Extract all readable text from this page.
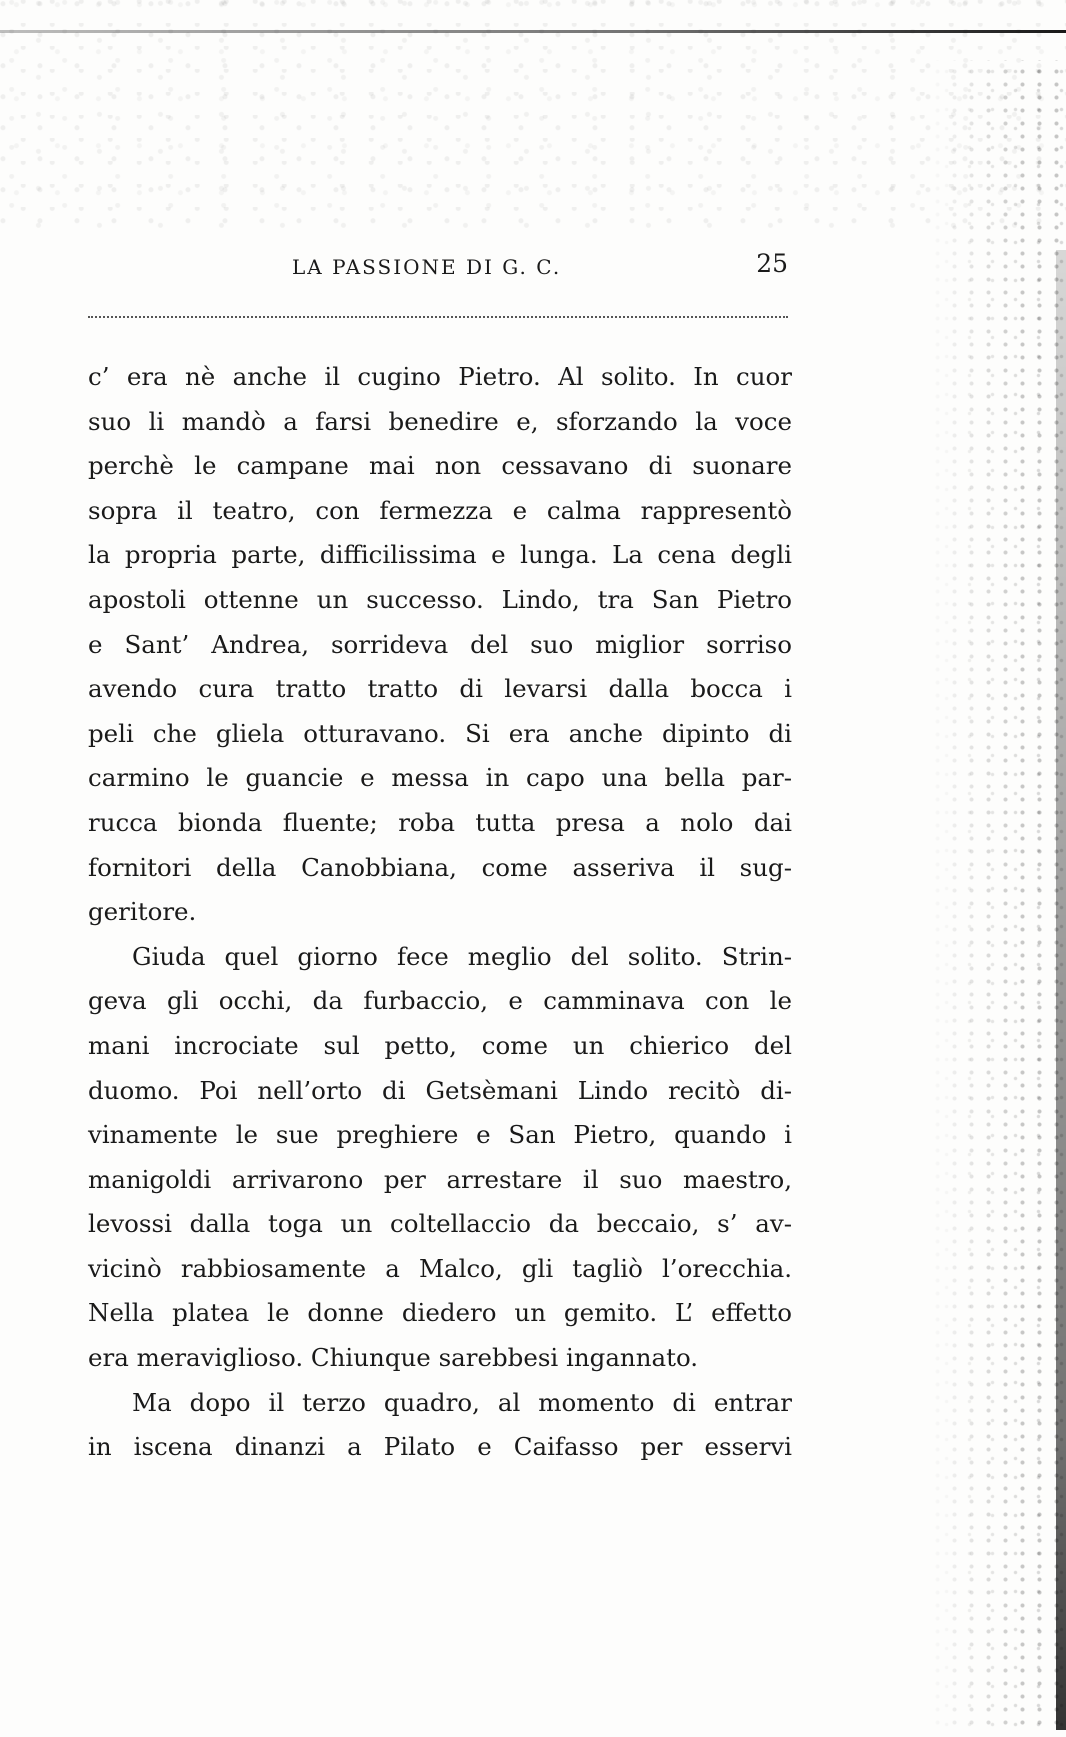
LA PASSIONE DI G. C.	25

c’ era nè anche il cugino Pietro. Al solito. In cuor

suo li mandò a farsi benedire e, sforzando la voce

perchè le campane mai non cessavano di suonare

sopra il teatro, con fermezza e calma rappresentò

la propria parte, difficilissima e lunga. La cena degli

apostoli ottenne un successo. Lindo, tra San Pietro

e Sant’ Andrea, sorrideva del suo miglior sorriso

avendo cura tratto tratto di levarsi dalla bocca i

peli che gliela otturavano. Si era anche dipinto di

carmino le guancie e messa in capo una bella par-

rucca bionda fluente; roba tutta presa a nolo dai

fornitori della Canobbiana, come asseriva il sug-

geritore.

Giuda quel giorno fece meglio del solito. Strin-

geva gli occhi, da furbaccio, e camminava con le

mani incrociate sul petto, come un chierico del

duomo. Poi nell’orto di Getsèmani Lindo recitò di-

vinamente le sue preghiere e San Pietro, quando i

manigoldi arrivarono per arrestare il suo maestro,

levossi dalla toga un coltellaccio da beccaio, s’ av-

vicinò rabbiosamente a Malco, gli tagliò l’orecchia.

Nella platea le donne diedero un gemito. L’ effetto

era meraviglioso. Chiunque sarebbesi ingannato.

Ma dopo il terzo quadro, al momento di entrar

in iscena dinanzi a Pilato e Caifasso per esservi
